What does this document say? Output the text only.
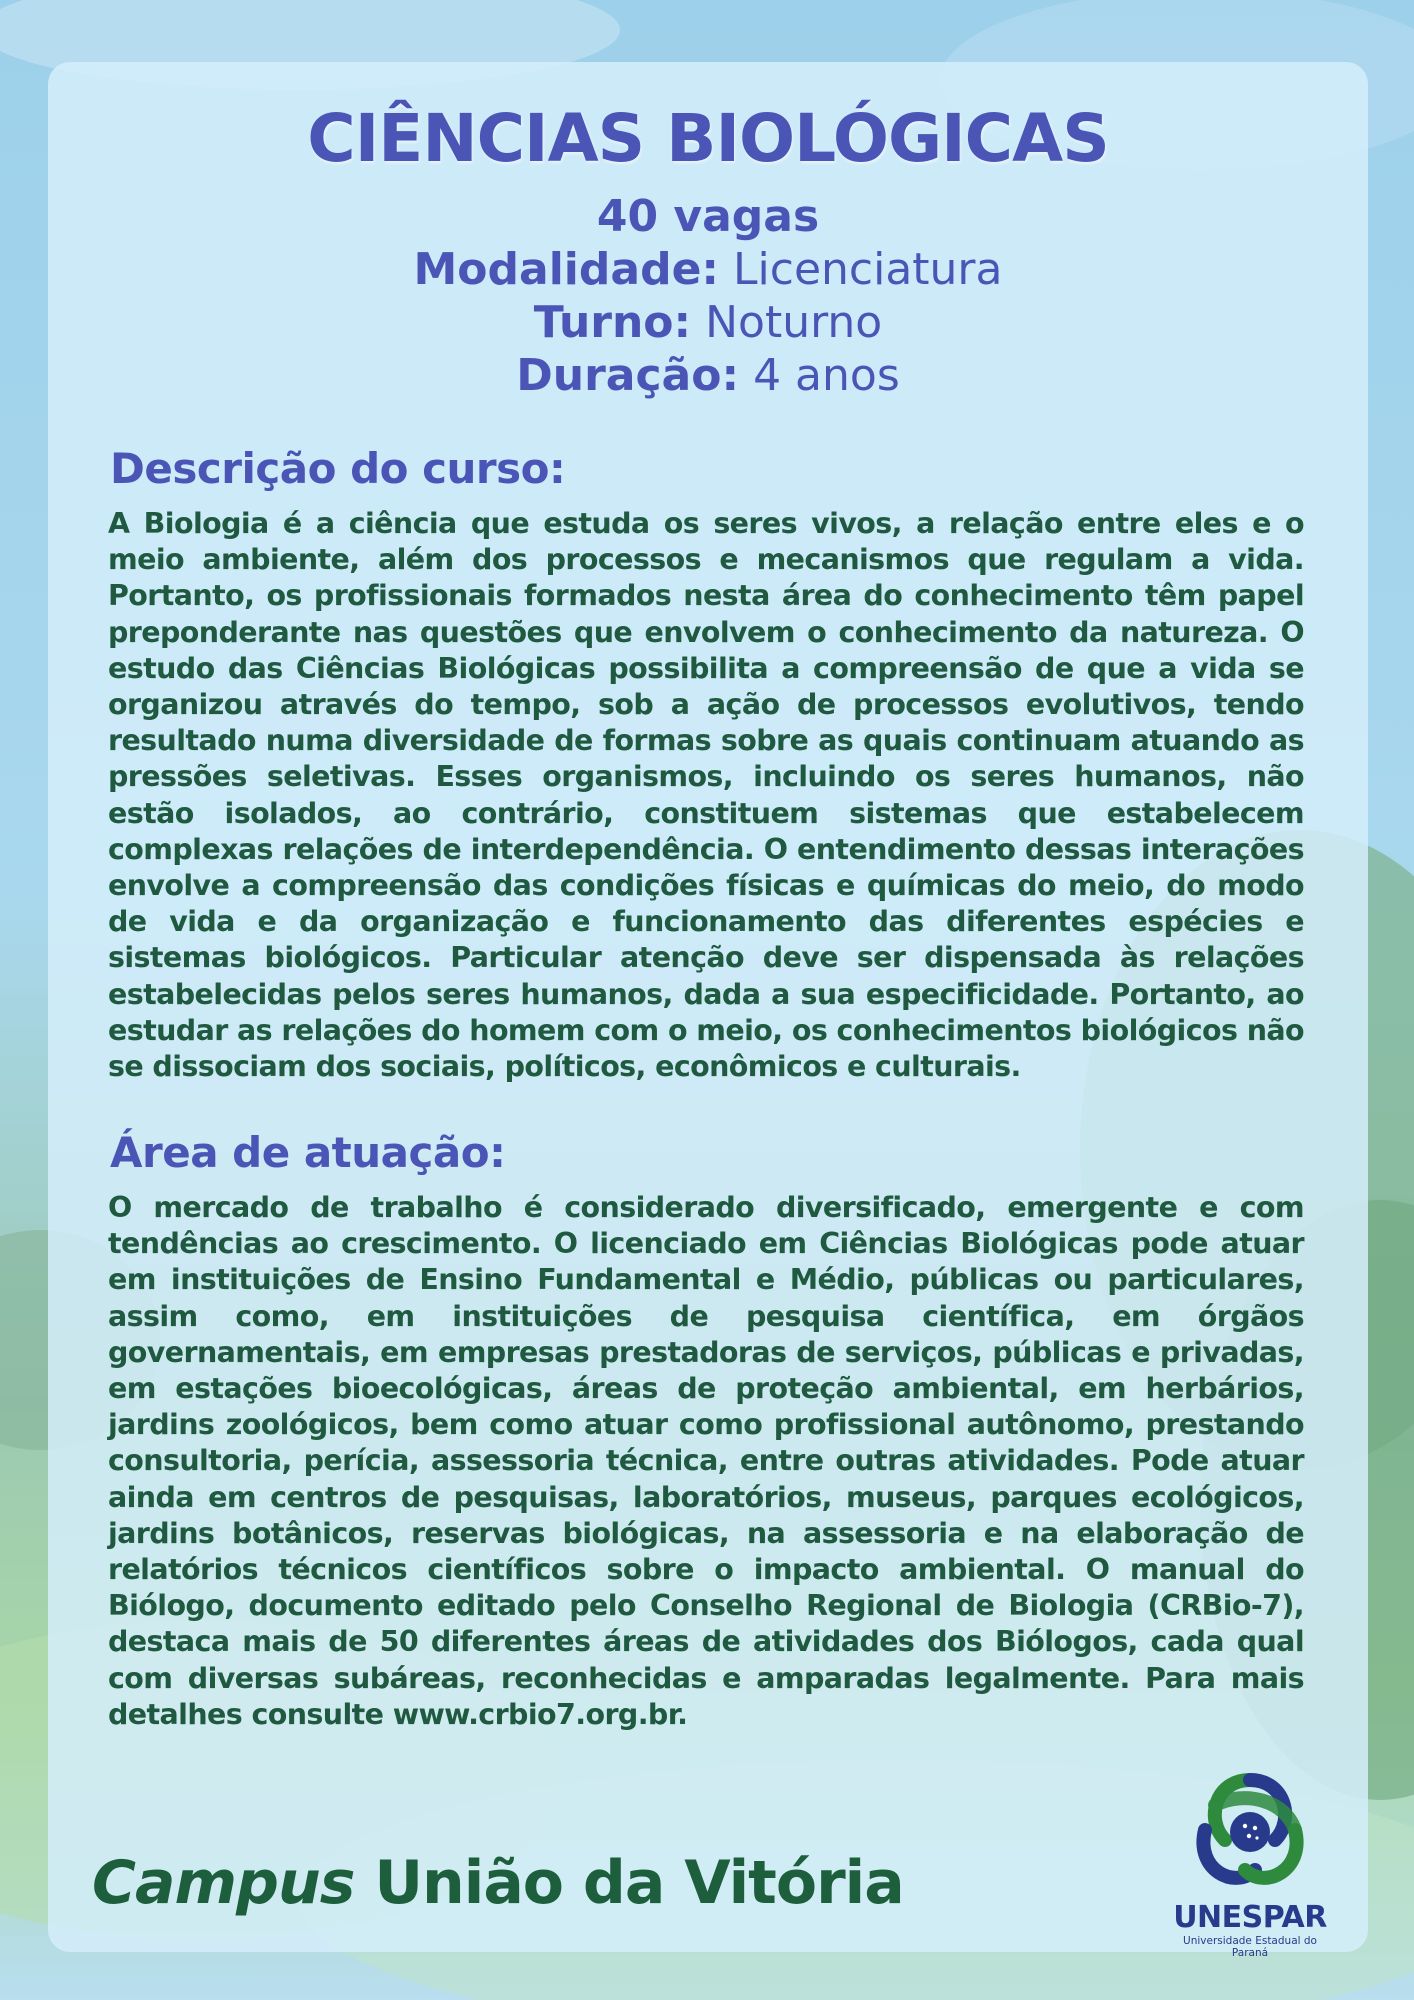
CIÊNCIAS BIOLÓGICAS
40 vagas
Modalidade: Licenciatura
Turno: Noturno
Duração: 4 anos
Descrição do curso:

A Biologia é a ciência que estuda os seres vivos, a relação entre eles e o meio ambiente, além dos processos e mecanismos que regulam a vida. Portanto, os profissionais formados nesta área do conhecimento têm papel preponderante nas questões que envolvem o conhecimento da natureza. O estudo das Ciências Biológicas possibilita a compreensão de que a vida se organizou através do tempo, sob a ação de processos evolutivos, tendo resultado numa diversidade de formas sobre as quais continuam atuando as pressões seletivas. Esses organismos, incluindo os seres humanos, não estão isolados, ao contrário, constituem sistemas que estabelecem complexas relações de interdependência. O entendimento dessas interações envolve a compreensão das condições físicas e químicas do meio, do modo de vida e da organização e funcionamento das diferentes espécies e sistemas biológicos. Particular atenção deve ser dispensada às relações estabelecidas pelos seres humanos, dada a sua especificidade. Portanto, ao estudar as relações do homem com o meio, os conhecimentos biológicos não se dissociam dos sociais, políticos, econômicos e culturais.

Área de atuação:

O mercado de trabalho é considerado diversificado, emergente e com tendências ao crescimento. O licenciado em Ciências Biológicas pode atuar em instituições de Ensino Fundamental e Médio, públicas ou particulares, assim como, em instituições de pesquisa científica, em órgãos governamentais, em empresas prestadoras de serviços, públicas e privadas, em estações bioecológicas, áreas de proteção ambiental, em herbários, jardins zoológicos, bem como atuar como profissional autônomo, prestando consultoria, perícia, assessoria técnica, entre outras atividades. Pode atuar ainda em centros de pesquisas, laboratórios, museus, parques ecológicos, jardins botânicos, reservas biológicas, na assessoria e na elaboração de relatórios técnicos científicos sobre o impacto ambiental. O manual do Biólogo, documento editado pelo Conselho Regional de Biologia (CRBio-7), destaca mais de 50 diferentes áreas de atividades dos Biólogos, cada qual com diversas subáreas, reconhecidas e amparadas legalmente. Para mais detalhes consulte www.crbio7.org.br.

Campus União da Vitória	UNESPAR
Universidade Estadual do Paraná
